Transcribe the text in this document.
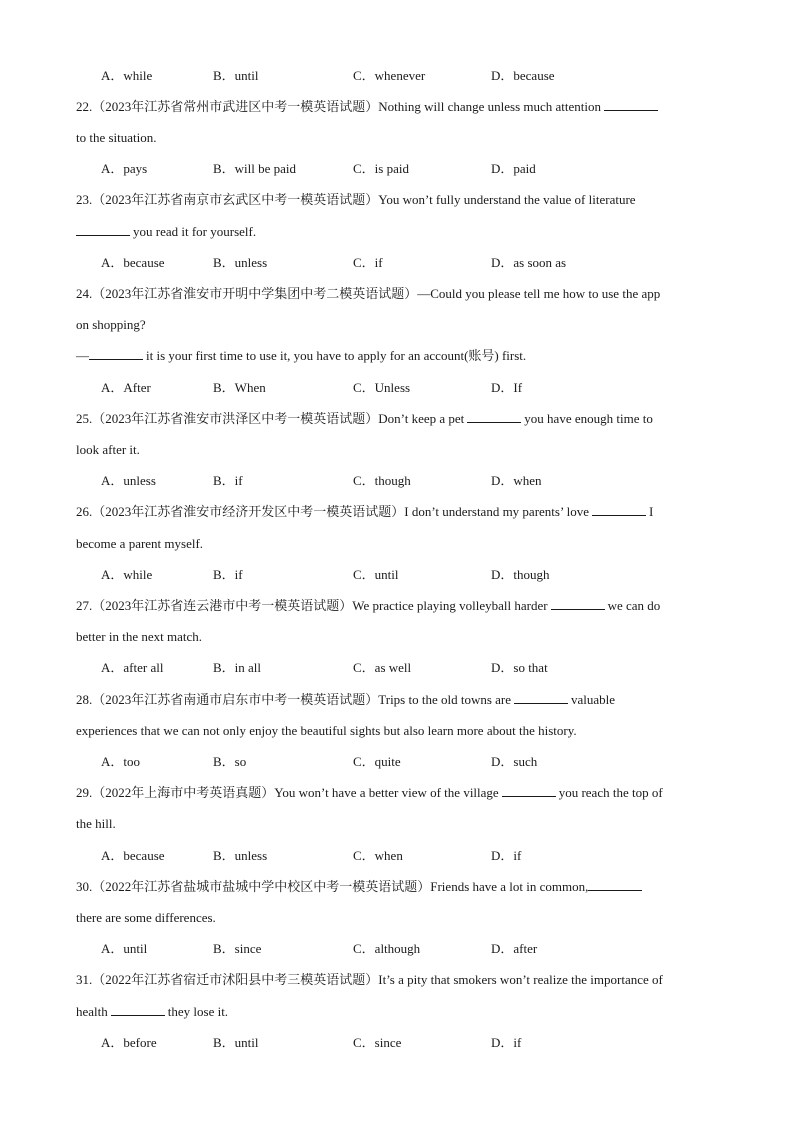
A．while	B．until	C．whenever	D．because
22.（2023年江苏省常州市武进区中考一模英语试题）Nothing will change unless much attention
to the situation.
A．pays	B．will be paid	C．is paid	D．paid
23.（2023年江苏省南京市玄武区中考一模英语试题）You won’t fully understand the value of literature
you read it for yourself.
A．because	B．unless	C．if	D．as soon as
24.（2023年江苏省淮安市开明中学集团中考二模英语试题）—Could you please tell me how to use the app
on shopping?
—	it is your first time to use it, you have to apply for an account(账号) first.
A．After	B．When	C．Unless	D．If
25.（2023年江苏省淮安市洪泽区中考一模英语试题）Don’t keep a pet	you have enough time to
look after it.
A．unless	B．if	C．though	D．when
26.（2023年江苏省淮安市经济开发区中考一模英语试题）I don’t understand my parents’ love	I
become a parent myself.
A．while	B．if	C．until	D．though
27.（2023年江苏省连云港市中考一模英语试题）We practice playing volleyball harder	we can do
better in the next match.
A．after all	B．in all	C．as well	D．so that
28.（2023年江苏省南通市启东市中考一模英语试题）Trips to the old towns are	valuable
experiences that we can not only enjoy the beautiful sights but also learn more about the history.
A．too	B．so	C．quite	D．such
29.（2022年上海市中考英语真题）You won’t have a better view of the village	you reach the top of
the hill.
A．because	B．unless	C．when	D．if
30.（2022年江苏省盐城市盐城中学中校区中考一模英语试题）Friends have a lot in common,
there are some differences.
A．until	B．since	C．although	D．after
31.（2022年江苏省宿迁市沭阳县中考三模英语试题）It’s a pity that smokers won’t realize the importance of
health	they lose it.
A．before	B．until	C．since	D．if
